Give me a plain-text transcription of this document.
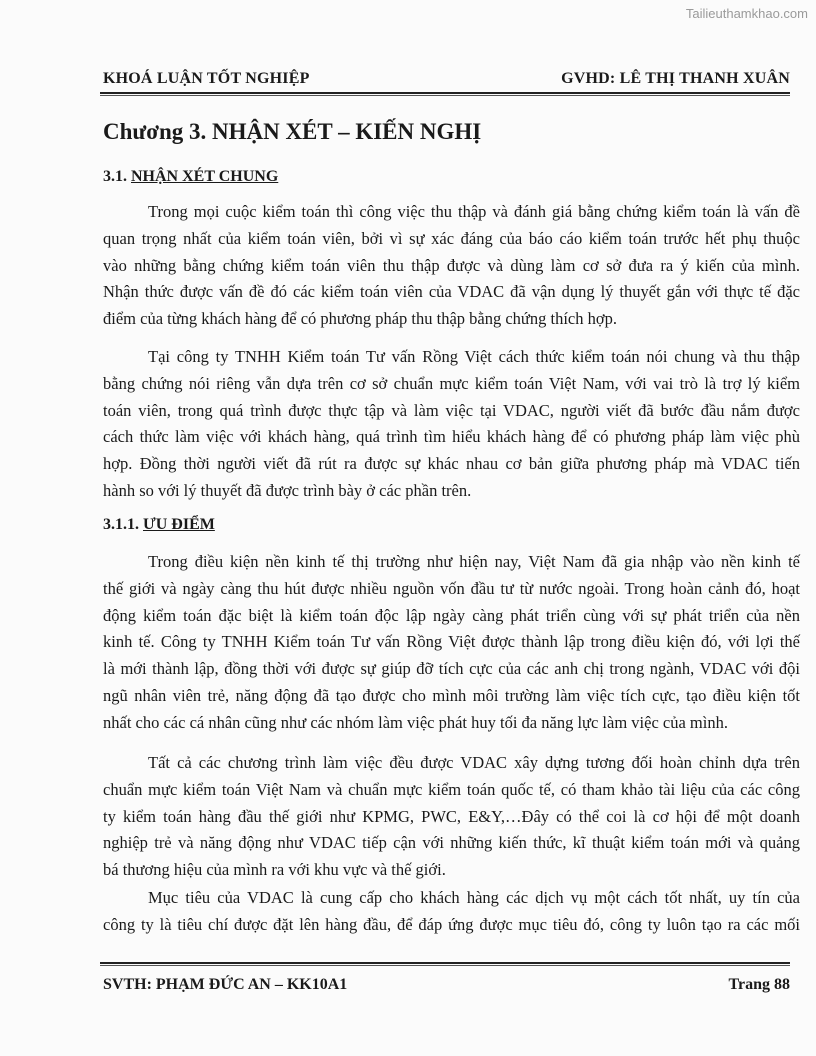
Tailieuthamkhao.com
KHOÁ LUẬN TỐT NGHIỆP	GVHD: LÊ THỊ THANH XUÂN
Chương 3. NHẬN XÉT – KIẾN NGHỊ
3.1. NHẬN XÉT CHUNG
3.1.1. ƯU ĐIỂM
Trong mọi cuộc kiểm toán thì công việc thu thập và đánh giá bằng chứng kiểm toán là vấn đề
quan trọng nhất của kiểm toán viên, bởi vì sự xác đáng của báo cáo kiểm toán trước hết phụ thuộc
vào những bằng chứng kiểm toán viên thu thập được và dùng làm cơ sở đưa ra ý kiến của mình.
Nhận thức được vấn đề đó các kiểm toán viên của VDAC đã vận dụng lý thuyết gắn với thực tế đặc
điểm của từng khách hàng để có phương pháp thu thập bằng chứng thích hợp.
Tại công ty TNHH Kiểm toán Tư vấn Rồng Việt cách thức kiểm toán nói chung và thu thập
bằng chứng nói riêng vẫn dựa trên cơ sở chuẩn mực kiểm toán Việt Nam, với vai trò là trợ lý kiểm
toán viên, trong quá trình được thực tập và làm việc tại VDAC, người viết đã bước đầu nắm được
cách thức làm việc với khách hàng, quá trình tìm hiểu khách hàng để có phương pháp làm việc phù
hợp. Đồng thời người viết đã rút ra được sự khác nhau cơ bản giữa phương pháp mà VDAC tiến
hành so với lý thuyết đã được trình bày ở các phần trên.
Trong điều kiện nền kinh tế thị trường như hiện nay, Việt Nam đã gia nhập vào nền kinh tế
thế giới và ngày càng thu hút được nhiều nguồn vốn đầu tư từ nước ngoài. Trong hoàn cảnh đó, hoạt
động kiểm toán đặc biệt là kiểm toán độc lập ngày càng phát triển cùng với sự phát triển của nền
kinh tế. Công ty TNHH Kiểm toán Tư vấn Rồng Việt được thành lập trong điều kiện đó, với lợi thế
là mới thành lập, đồng thời với được sự giúp đỡ tích cực của các anh chị trong ngành, VDAC với đội
ngũ nhân viên trẻ, năng động đã tạo được cho mình môi trường làm việc tích cực, tạo điều kiện tốt
nhất cho các cá nhân cũng như các nhóm làm việc phát huy tối đa năng lực làm việc của mình.
Tất cả các chương trình làm việc đều được VDAC xây dựng tương đối hoàn chỉnh dựa trên
chuẩn mực kiểm toán Việt Nam và chuẩn mực kiểm toán quốc tế, có tham khảo tài liệu của các công
ty kiểm toán hàng đầu thế giới như KPMG, PWC, E&Y,…Đây có thể coi là cơ hội để một doanh
nghiệp trẻ và năng động như VDAC tiếp cận với những kiến thức, kĩ thuật kiểm toán mới và quảng
bá thương hiệu của mình ra với khu vực và thế giới.
Mục tiêu của VDAC là cung cấp cho khách hàng các dịch vụ một cách tốt nhất, uy tín của
công ty là tiêu chí được đặt lên hàng đầu, để đáp ứng được mục tiêu đó, công ty luôn tạo ra các mối
SVTH: PHẠM ĐỨC AN – KK10A1	Trang 88
